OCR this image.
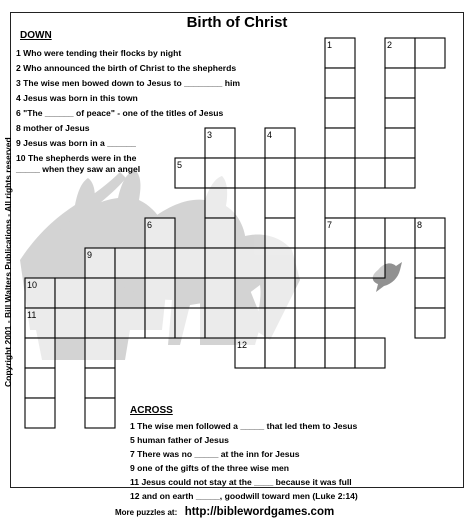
Birth of Christ
Copyright 2001 - Bill Walters Publications - All rights reserved
DOWN
1 Who were tending their flocks by night
2 Who announced the birth of Christ to the shepherds
3 The wise men bowed down to Jesus to ________ him
4 Jesus was born in this town
6 "The ______ of peace" - one of the titles of Jesus
8 mother of Jesus
9 Jesus was born in a ______
10 The shepherds were in the _____ when they saw an angel
ACROSS
1 The wise men followed a _____ that led them to Jesus
5 human father of Jesus
7 There was no _____ at the inn for Jesus
9 one of the gifts of the three wise men
11 Jesus could not stay at the ____ because it was full
12 and on earth _____, goodwill toward men (Luke 2:14)
More puzzles at: http://biblewordgames.com
1	2
3	4
5
6	7	8
9
10
11
12
